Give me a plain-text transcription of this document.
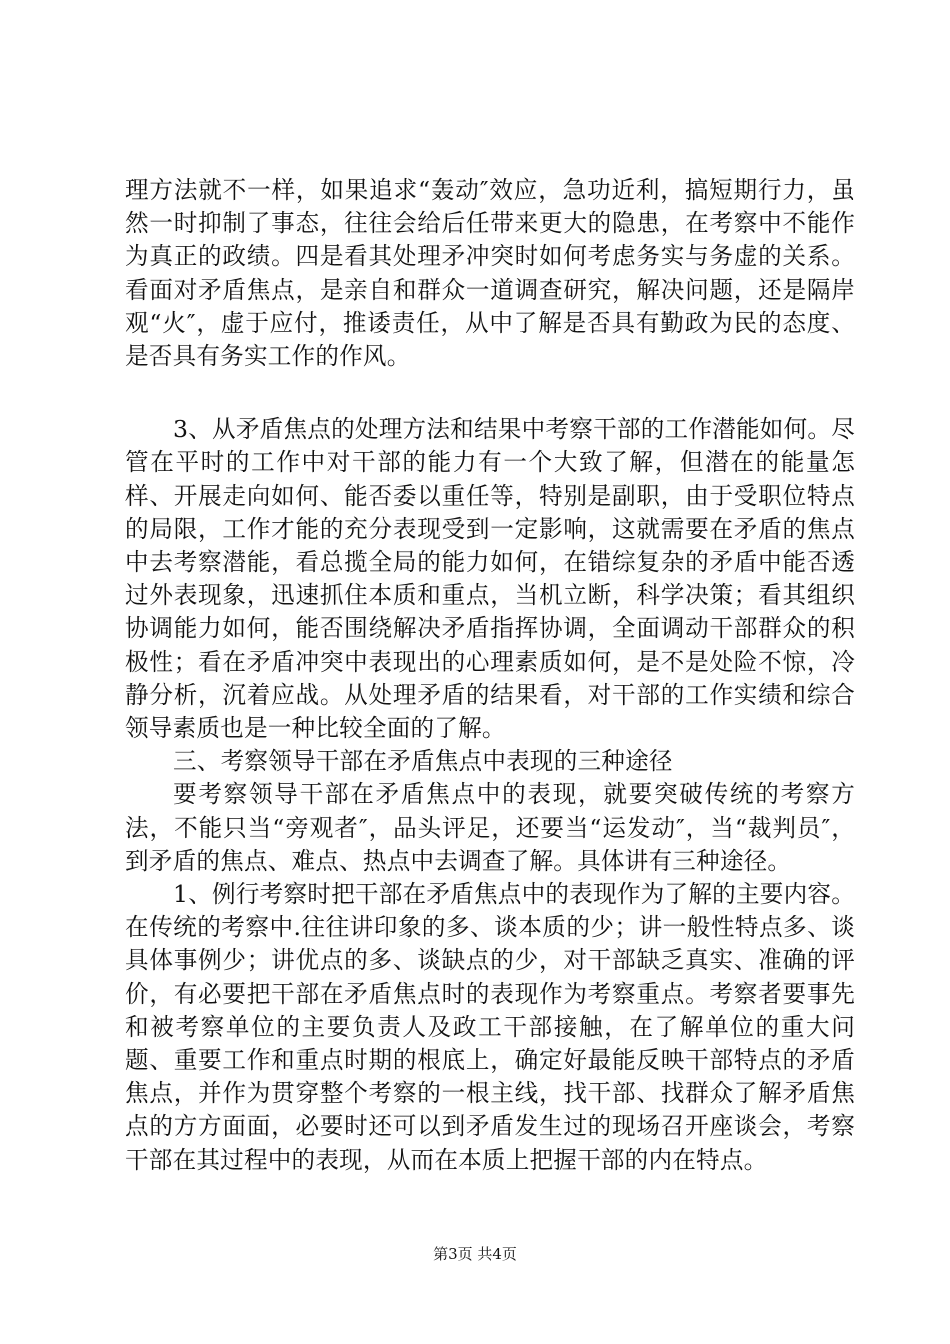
理方法就不一样，如果追求“轰动″效应，急功近利，搞短期行力，虽然一时抑制了事态，往往会给后任带来更大的隐患，在考察中不能作为真正的政绩。四是看其处理矛冲突时如何考虑务实与务虚的关系。看面对矛盾焦点，是亲自和群众一道调查研究，解决问题，还是隔岸观“火″，虚于应付，推诿责任，从中了解是否具有勤政为民的态度、是否具有务实工作的作风。

3、从矛盾焦点的处理方法和结果中考察干部的工作潜能如何。尽管在平时的工作中对干部的能力有一个大致了解，但潜在的能量怎样、开展走向如何、能否委以重任等，特别是副职，由于受职位特点的局限，工作才能的充分表现受到一定影响，这就需要在矛盾的焦点中去考察潜能，看总揽全局的能力如何，在错综复杂的矛盾中能否透过外表现象，迅速抓住本质和重点，当机立断，科学决策；看其组织协调能力如何，能否围绕解决矛盾指挥协调，全面调动干部群众的积极性；看在矛盾冲突中表现出的心理素质如何，是不是处险不惊，冷静分析，沉着应战。从处理矛盾的结果看，对干部的工作实绩和综合领导素质也是一种比较全面的了解。

三、考察领导干部在矛盾焦点中表现的三种途径

要考察领导干部在矛盾焦点中的表现，就要突破传统的考察方法，不能只当“旁观者″，品头评足，还要当“运发动″，当“裁判员″，到矛盾的焦点、难点、热点中去调查了解。具体讲有三种途径。

1、例行考察时把干部在矛盾焦点中的表现作为了解的主要内容。在传统的考察中.往往讲印象的多、谈本质的少；讲一般性特点多、谈具体事例少；讲优点的多、谈缺点的少，对干部缺乏真实、准确的评价，有必要把干部在矛盾焦点时的表现作为考察重点。考察者要事先和被考察单位的主要负责人及政工干部接触，在了解单位的重大问题、重要工作和重点时期的根底上，确定好最能反映干部特点的矛盾焦点，并作为贯穿整个考察的一根主线，找干部、找群众了解矛盾焦点的方方面面，必要时还可以到矛盾发生过的现场召开座谈会，考察干部在其过程中的表现，从而在本质上把握干部的内在特点。

第3页 共4页
